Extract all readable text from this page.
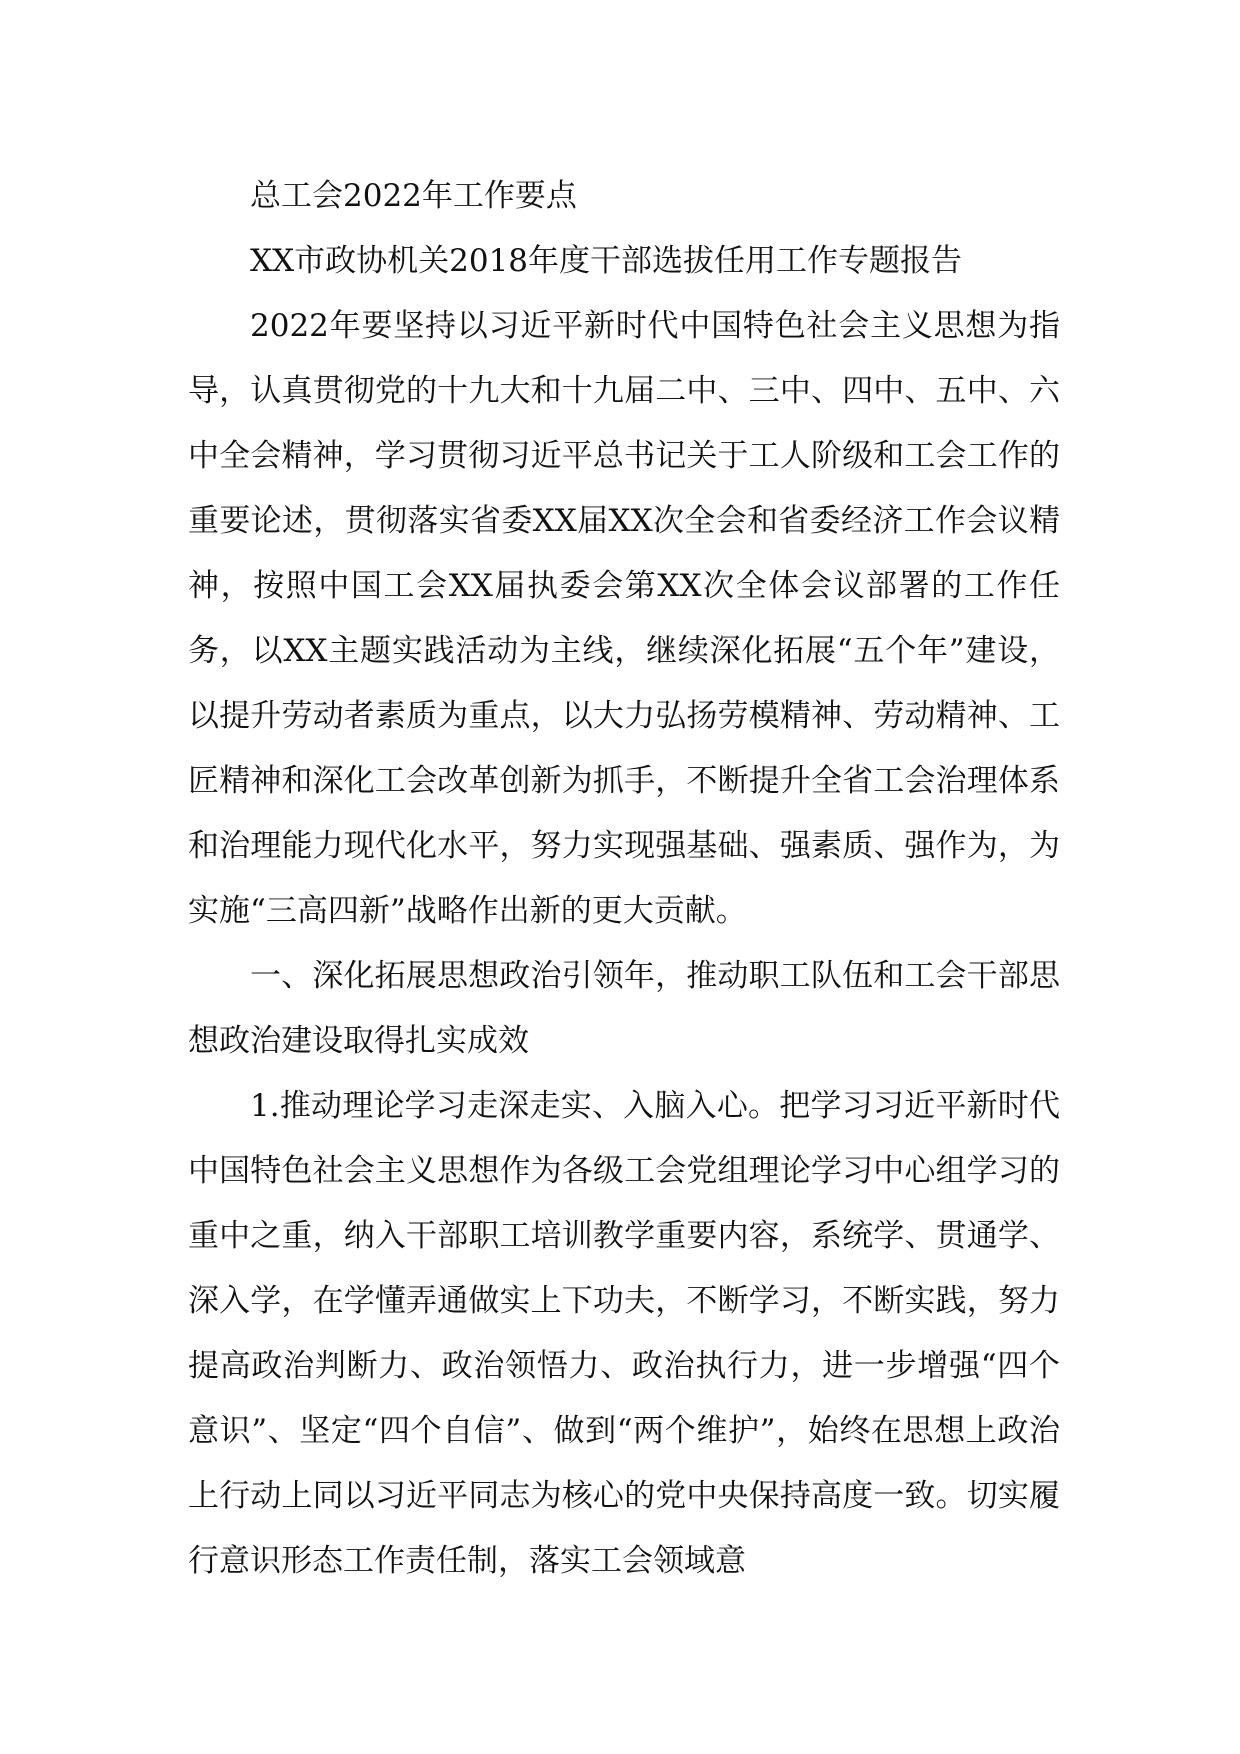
总工会2022年工作要点

XX市政协机关2018年度干部选拔任用工作专题报告

2022年要坚持以习近平新时代中国特色社会主义思想为指导，认真贯彻党的十九大和十九届二中、三中、四中、五中、六中全会精神，学习贯彻习近平总书记关于工人阶级和工会工作的重要论述，贯彻落实省委XX届XX次全会和省委经济工作会议精神，按照中国工会XX届执委会第XX次全体会议部署的工作任务，以XX主题实践活动为主线，继续深化拓展“五个年”建设，以提升劳动者素质为重点，以大力弘扬劳模精神、劳动精神、工匠精神和深化工会改革创新为抓手，不断提升全省工会治理体系和治理能力现代化水平，努力实现强基础、强素质、强作为，为实施“三高四新”战略作出新的更大贡献。

一、深化拓展思想政治引领年，推动职工队伍和工会干部思想政治建设取得扎实成效

1.推动理论学习走深走实、入脑入心。把学习习近平新时代中国特色社会主义思想作为各级工会党组理论学习中心组学习的重中之重，纳入干部职工培训教学重要内容，系统学、贯通学、深入学，在学懂弄通做实上下功夫，不断学习，不断实践，努力提高政治判断力、政治领悟力、政治执行力，进一步增强“四个意识”、坚定“四个自信”、做到“两个维护”，始终在思想上政治上行动上同以习近平同志为核心的党中央保持高度一致。切实履行意识形态工作责任制，落实工会领域意
